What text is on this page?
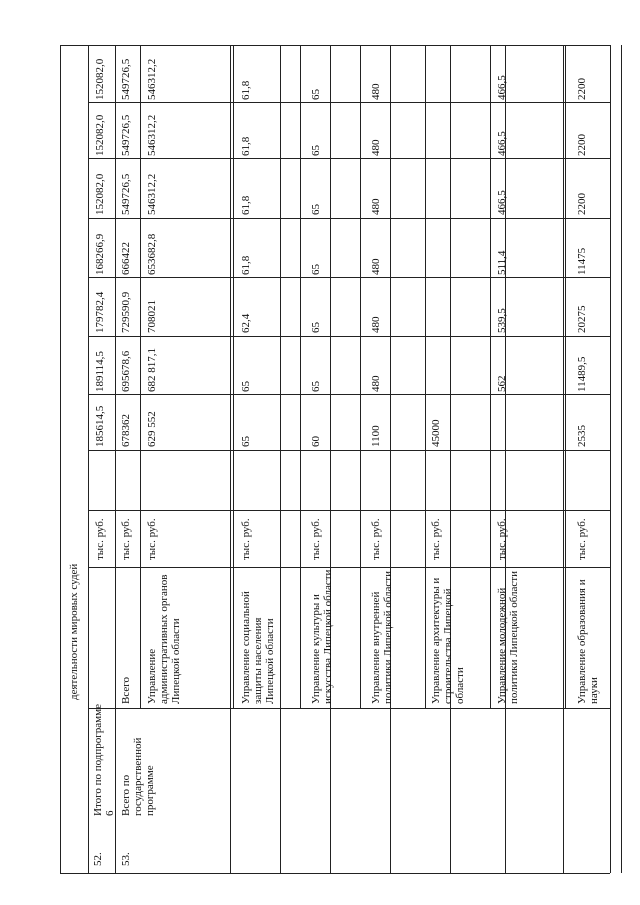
деятельности мировых судей
52.
Итого по подпрограмме 6
тыс. руб.
185614,5
189114,5
179782,4
168266,9
152082,0
152082,0
152082,0
53.
Всего по государственной программе
Всего
тыс. руб.
678362
695678,6
729590,9
666422
549726,5
549726,5
549726,5
Управление административных органов Липецкой области
тыс. руб.
629 552
682 817,1
708021
653682,8
546312,2
546312,2
546312,2
Управление социальной защиты населения Липецкой области
тыс. руб.
65
65
62,4
61,8
61,8
61,8
61,8
Управление культуры и искусства Липецкой области
тыс. руб.
60
65
65
65
65
65
65
Управление внутренней политики Липецкой области
тыс. руб.
1100
480
480
480
480
480
480
Управление архитектуры и строительства Липецкой области
тыс. руб.
45000
Управление молодежной политики Липецкой области
тыс. руб.
562
539,5
511,4
466,5
466,5
466,5
Управление образования и науки
тыс. руб.
2535
11489,5
20275
11475
2200
2200
2200
